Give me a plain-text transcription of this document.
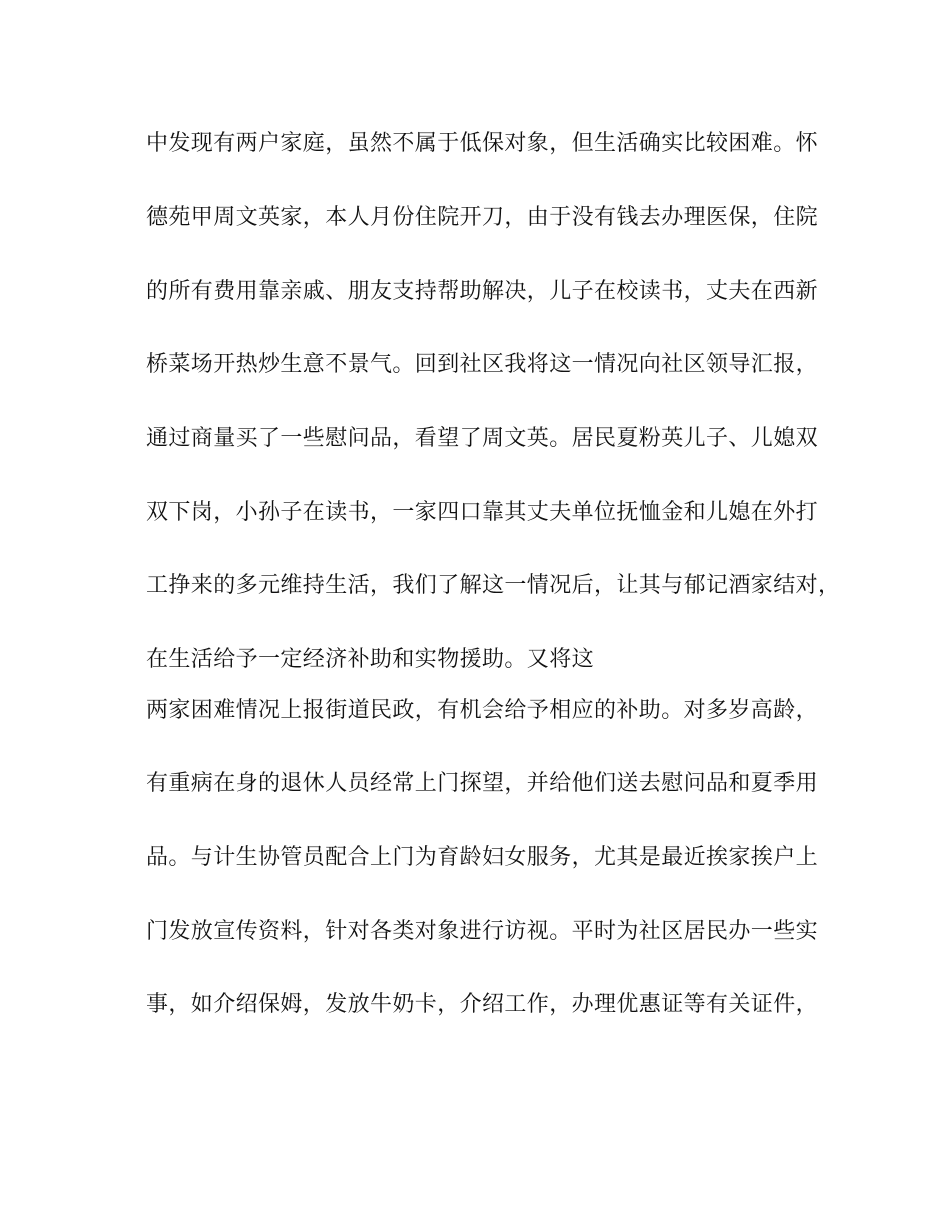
中发现有两户家庭，虽然不属于低保对象，但生活确实比较困难。怀
德苑甲周文英家，本人月份住院开刀，由于没有钱去办理医保，住院
的所有费用靠亲戚、朋友支持帮助解决，儿子在校读书，丈夫在西新
桥菜场开热炒生意不景气。回到社区我将这一情况向社区领导汇报，
通过商量买了一些慰问品，看望了周文英。居民夏粉英儿子、儿媳双
双下岗，小孙子在读书，一家四口靠其丈夫单位抚恤金和儿媳在外打
工挣来的多元维持生活，我们了解这一情况后，让其与郁记酒家结对，
在生活给予一定经济补助和实物援助。又将这
两家困难情况上报街道民政，有机会给予相应的补助。对多岁高龄，
有重病在身的退休人员经常上门探望，并给他们送去慰问品和夏季用
品。与计生协管员配合上门为育龄妇女服务，尤其是最近挨家挨户上
门发放宣传资料，针对各类对象进行访视。平时为社区居民办一些实
事，如介绍保姆，发放牛奶卡，介绍工作，办理优惠证等有关证件，
